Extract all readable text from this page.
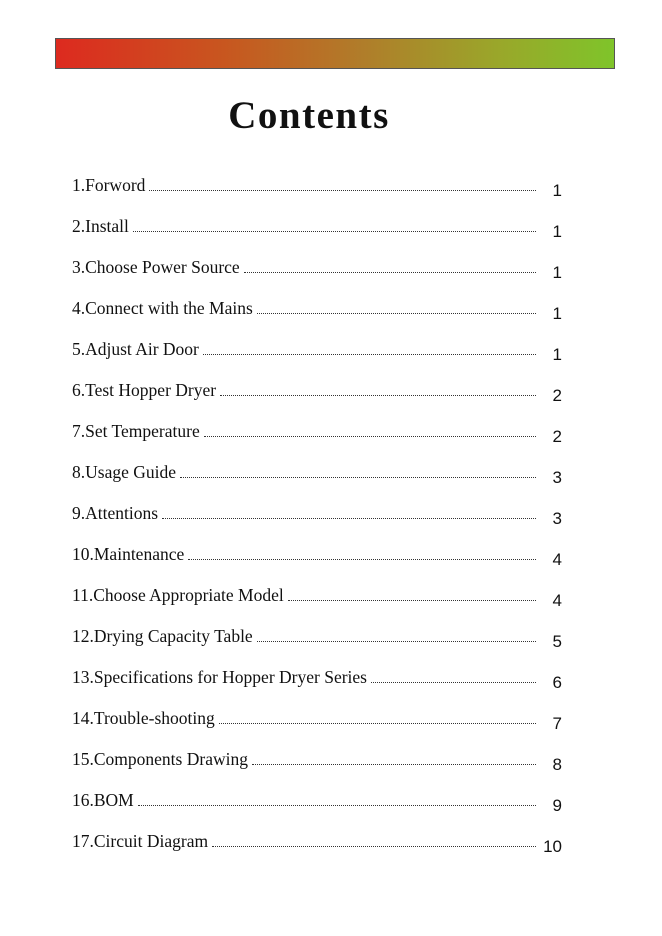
Contents
1.Forword	1
2.Install	1
3.Choose Power Source	1
4.Connect with the Mains	1
5.Adjust Air Door	1
6.Test Hopper Dryer	2
7.Set Temperature	2
8.Usage Guide	3
9.Attentions	3
10.Maintenance	4
11.Choose Appropriate Model	4
12.Drying Capacity Table	5
13.Specifications for Hopper Dryer Series	6
14.Trouble-shooting	7
15.Components Drawing	8
16.BOM	9
17.Circuit Diagram	10
